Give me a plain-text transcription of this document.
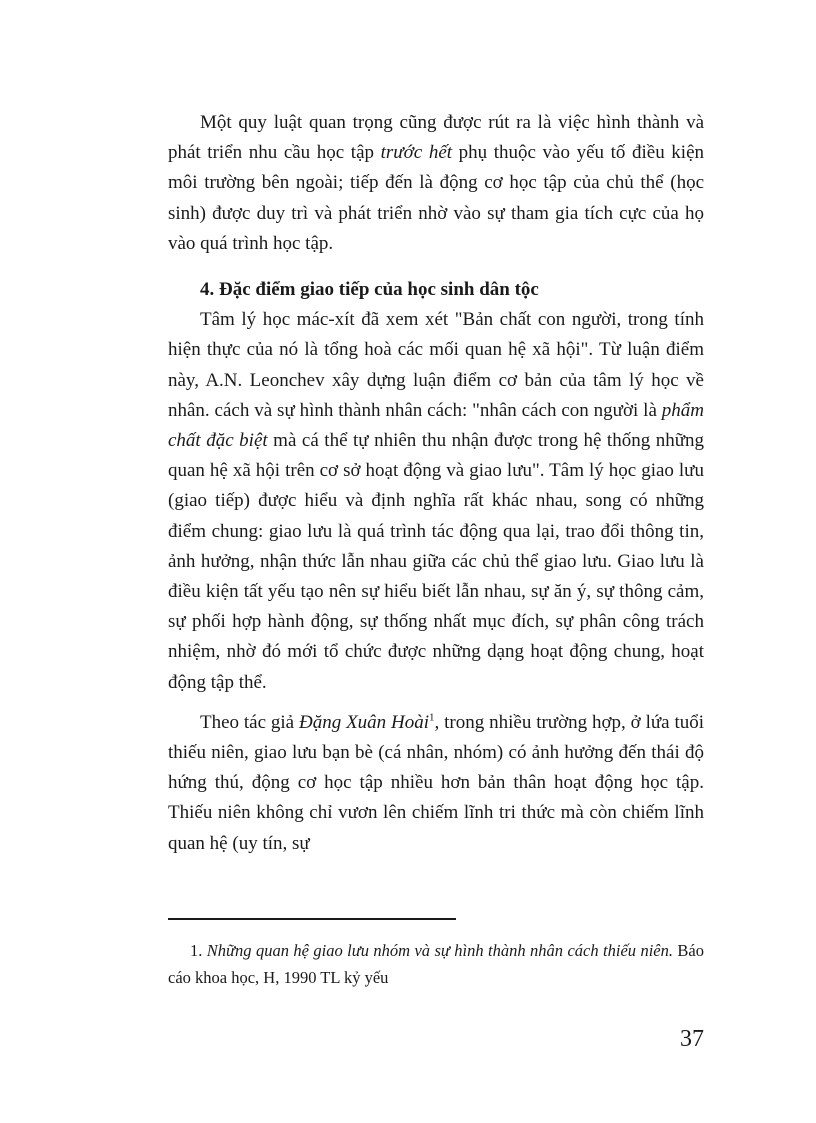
Một quy luật quan trọng cũng được rút ra là việc hình thành và phát triển nhu cầu học tập trước hết phụ thuộc vào yếu tố điều kiện môi trường bên ngoài; tiếp đến là động cơ học tập của chủ thể (học sinh) được duy trì và phát triển nhờ vào sự tham gia tích cực của họ vào quá trình học tập.

4. Đặc điểm giao tiếp của học sinh dân tộc

Tâm lý học mác-xít đã xem xét "Bản chất con người, trong tính hiện thực của nó là tổng hoà các mối quan hệ xã hội". Từ luận điểm này, A.N. Leonchev xây dựng luận điểm cơ bản của tâm lý học về nhân. cách và sự hình thành nhân cách: "nhân cách con người là phẩm chất đặc biệt mà cá thể tự nhiên thu nhận được trong hệ thống những quan hệ xã hội trên cơ sở hoạt động và giao lưu". Tâm lý học giao lưu (giao tiếp) được hiểu và định nghĩa rất khác nhau, song có những điểm chung: giao lưu là quá trình tác động qua lại, trao đổi thông tin, ảnh hưởng, nhận thức lẫn nhau giữa các chủ thể giao lưu. Giao lưu là điều kiện tất yếu tạo nên sự hiểu biết lẫn nhau, sự ăn ý, sự thông cảm, sự phối hợp hành động, sự thống nhất mục đích, sự phân công trách nhiệm, nhờ đó mới tổ chức được những dạng hoạt động chung, hoạt động tập thể.

Theo tác giả Đặng Xuân Hoài$^1$, trong nhiều trường hợp, ở lứa tuổi thiếu niên, giao lưu bạn bè (cá nhân, nhóm) có ảnh hưởng đến thái độ hứng thú, động cơ học tập nhiều hơn bản thân hoạt động học tập. Thiếu niên không chỉ vươn lên chiếm lĩnh tri thức mà còn chiếm lĩnh quan hệ (uy tín, sự

1. Những quan hệ giao lưu nhóm và sự hình thành nhân cách thiếu niên. Báo cáo khoa học, H, 1990 TL kỷ yếu
37
